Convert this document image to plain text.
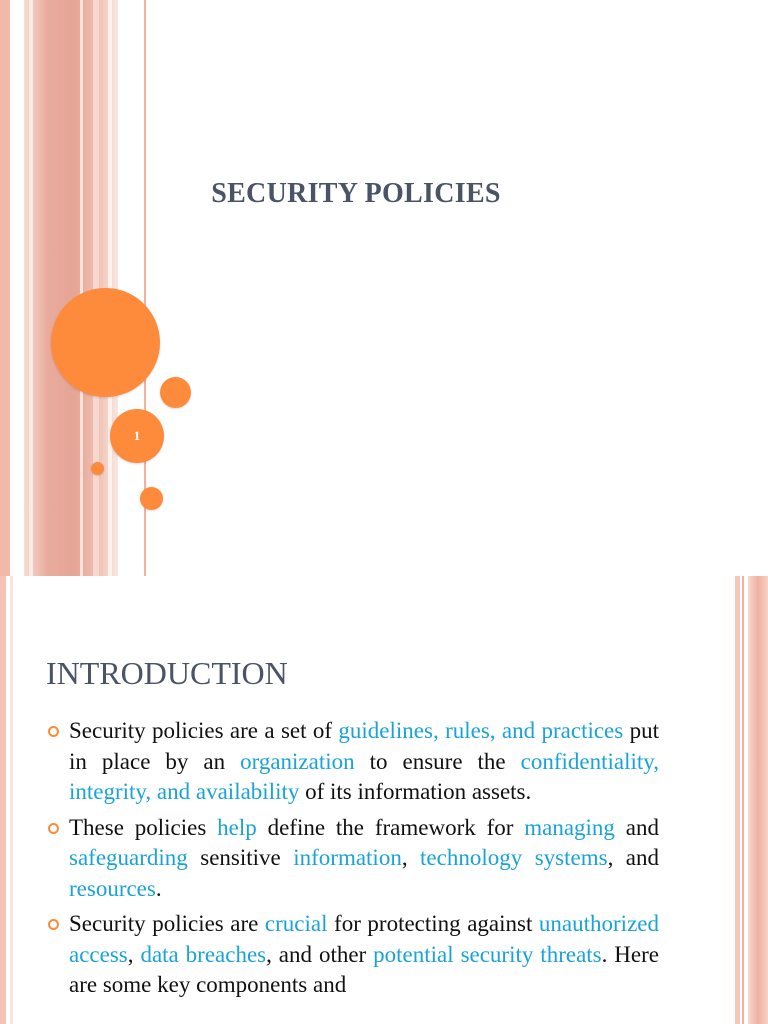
SECURITY POLICIES
1
INTRODUCTION
Security policies are a set of guidelines, rules, and practices put in place by an organization to ensure the confidentiality, integrity, and availability of its information assets.
These policies help define the framework for managing and safeguarding sensitive information, technology systems, and resources.
Security policies are crucial for protecting against unauthorized access, data breaches, and other potential security threats. Here are some key components and
